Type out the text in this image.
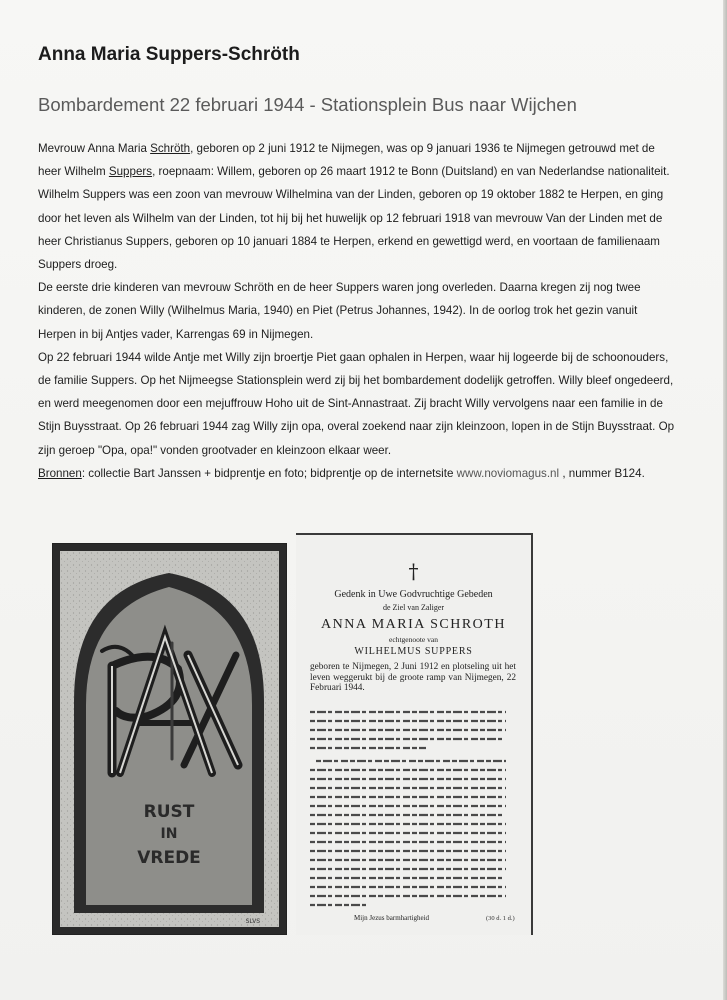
Anna Maria Suppers-Schröth
Bombardement 22 februari 1944 - Stationsplein Bus naar Wijchen

Mevrouw Anna Maria Schröth, geboren op 2 juni 1912 te Nijmegen, was op 9 januari 1936 te Nijmegen getrouwd met de heer Wilhelm Suppers, roepnaam: Willem, geboren op 26 maart 1912 te Bonn (Duitsland) en van Nederlandse nationaliteit.

Wilhelm Suppers was een zoon van mevrouw Wilhelmina van der Linden, geboren op 19 oktober 1882 te Herpen, en ging door het leven als Wilhelm van der Linden, tot hij bij het huwelijk op 12 februari 1918 van mevrouw Van der Linden met de heer Christianus Suppers, geboren op 10 januari 1884 te Herpen, erkend en gewettigd werd, en voortaan de familienaam Suppers droeg.

De eerste drie kinderen van mevrouw Schröth en de heer Suppers waren jong overleden. Daarna kregen zij nog twee kinderen, de zonen Willy (Wilhelmus Maria, 1940) en Piet (Petrus Johannes, 1942). In de oorlog trok het gezin vanuit Herpen in bij Antjes vader, Karrengas 69 in Nijmegen.

Op 22 februari 1944 wilde Antje met Willy zijn broertje Piet gaan ophalen in Herpen, waar hij logeerde bij de schoonouders, de familie Suppers. Op het Nijmeegse Stationsplein werd zij bij het bombardement dodelijk getroffen. Willy bleef ongedeerd, en werd meegenomen door een mejuffrouw Hoho uit de Sint-Annastraat. Zij bracht Willy vervolgens naar een familie in de Stijn Buysstraat. Op 26 februari 1944 zag Willy zijn opa, overal zoekend naar zijn kleinzoon, lopen in de Stijn Buysstraat. Op zijn geroep "Opa, opa!" vonden grootvader en kleinzoon elkaar weer.

Bronnen: collectie Bart Janssen + bidprentje en foto; bidprentje op de internetsite www.noviomagus.nl , nummer B124.

RUST
IN
VREDE
SLVS
†
Gedenk in Uwe Godvruchtige Gebeden
de Ziel van Zaliger
ANNA MARIA SCHROTH
echtgenoote van
WILHELMUS SUPPERS
geboren te Nijmegen, 2 Juni 1912 en plotseling uit het leven weggerukt bij de groote ramp van Nijmegen, 22 Februari 1944.
Mijn Jezus barmhartigheid	(30 d. 1 d.)
